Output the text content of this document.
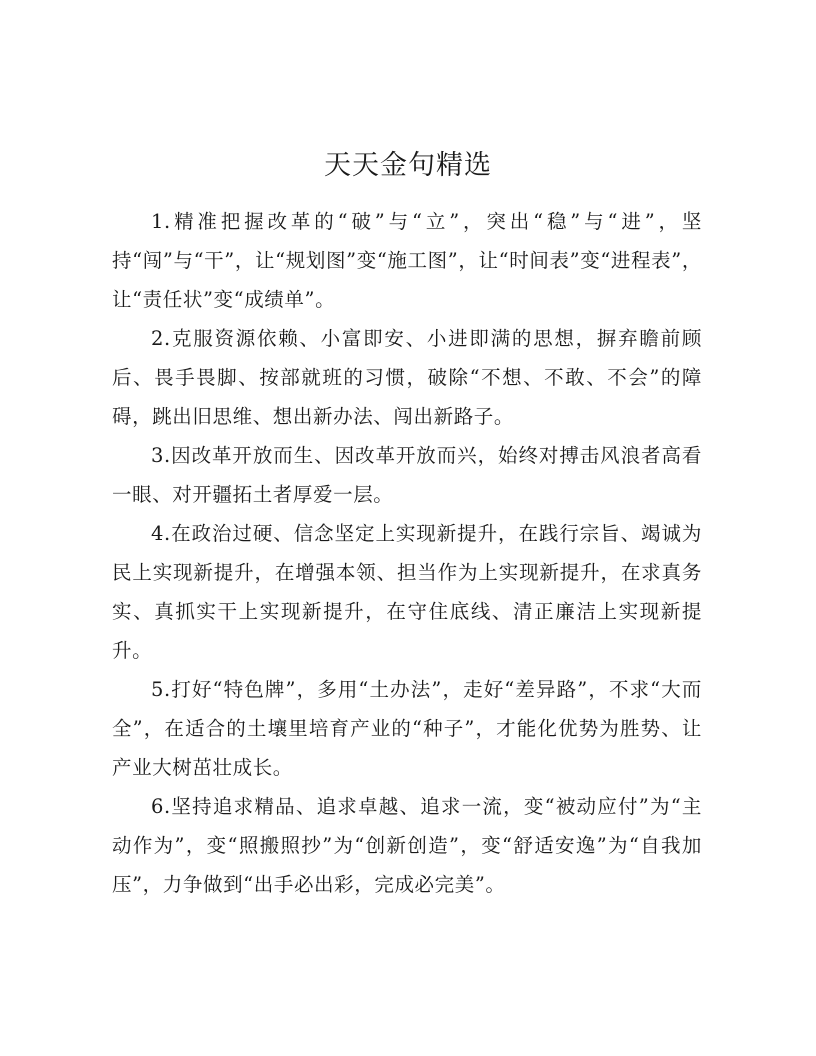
天天金句精选

1.精准把握改革的“破”与“立”，突出“稳”与“进”，坚持“闯”与“干”，让“规划图”变“施工图”，让“时间表”变“进程表”，让“责任状”变“成绩单”。

2.克服资源依赖、小富即安、小进即满的思想，摒弃瞻前顾后、畏手畏脚、按部就班的习惯，破除“不想、不敢、不会”的障碍，跳出旧思维、想出新办法、闯出新路子。

3.因改革开放而生、因改革开放而兴，始终对搏击风浪者高看一眼、对开疆拓土者厚爱一层。

4.在政治过硬、信念坚定上实现新提升，在践行宗旨、竭诚为民上实现新提升，在增强本领、担当作为上实现新提升，在求真务实、真抓实干上实现新提升，在守住底线、清正廉洁上实现新提升。

5.打好“特色牌”，多用“土办法”，走好“差异路”，不求“大而全”，在适合的土壤里培育产业的“种子”，才能化优势为胜势、让产业大树茁壮成长。

6.坚持追求精品、追求卓越、追求一流，变“被动应付”为“主动作为”，变“照搬照抄”为“创新创造”，变“舒适安逸”为“自我加压”，力争做到“出手必出彩，完成必完美”。
